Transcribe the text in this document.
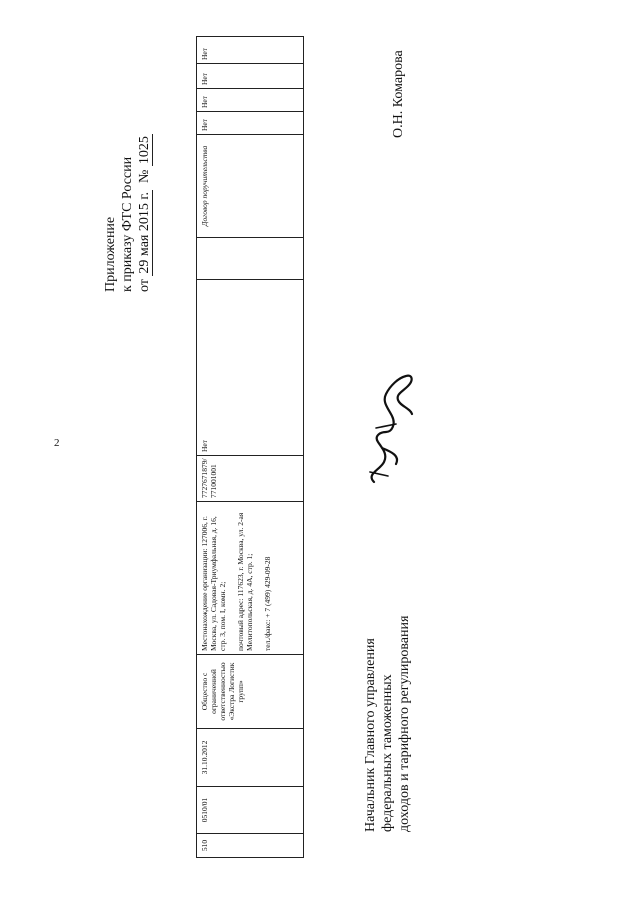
2
Приложение к приказу ФТС России от 29 мая 2015 г.  № 1025
510
0510/01
31.10.2012
Общество с ограниченной ответственностью «Экстра Логистик групп»
Местонахождение организации: 127006, г. Москва, ул. Садовая-Триумфальная, д. 16, стр. 3, пом. I, комн. 2; почтовый адрес: 117623, г. Москва, ул. 2-ая Мелитопольская, д. 4А, стр. 1; тел./факс: + 7 (499) 429-09-28
7727671879/ 771001001
Нет
Договор поручительства
Нет
Нет
Нет
Нет
Начальник Главного управления федеральных таможенных доходов и тарифного регулирования
О.Н. Комарова
